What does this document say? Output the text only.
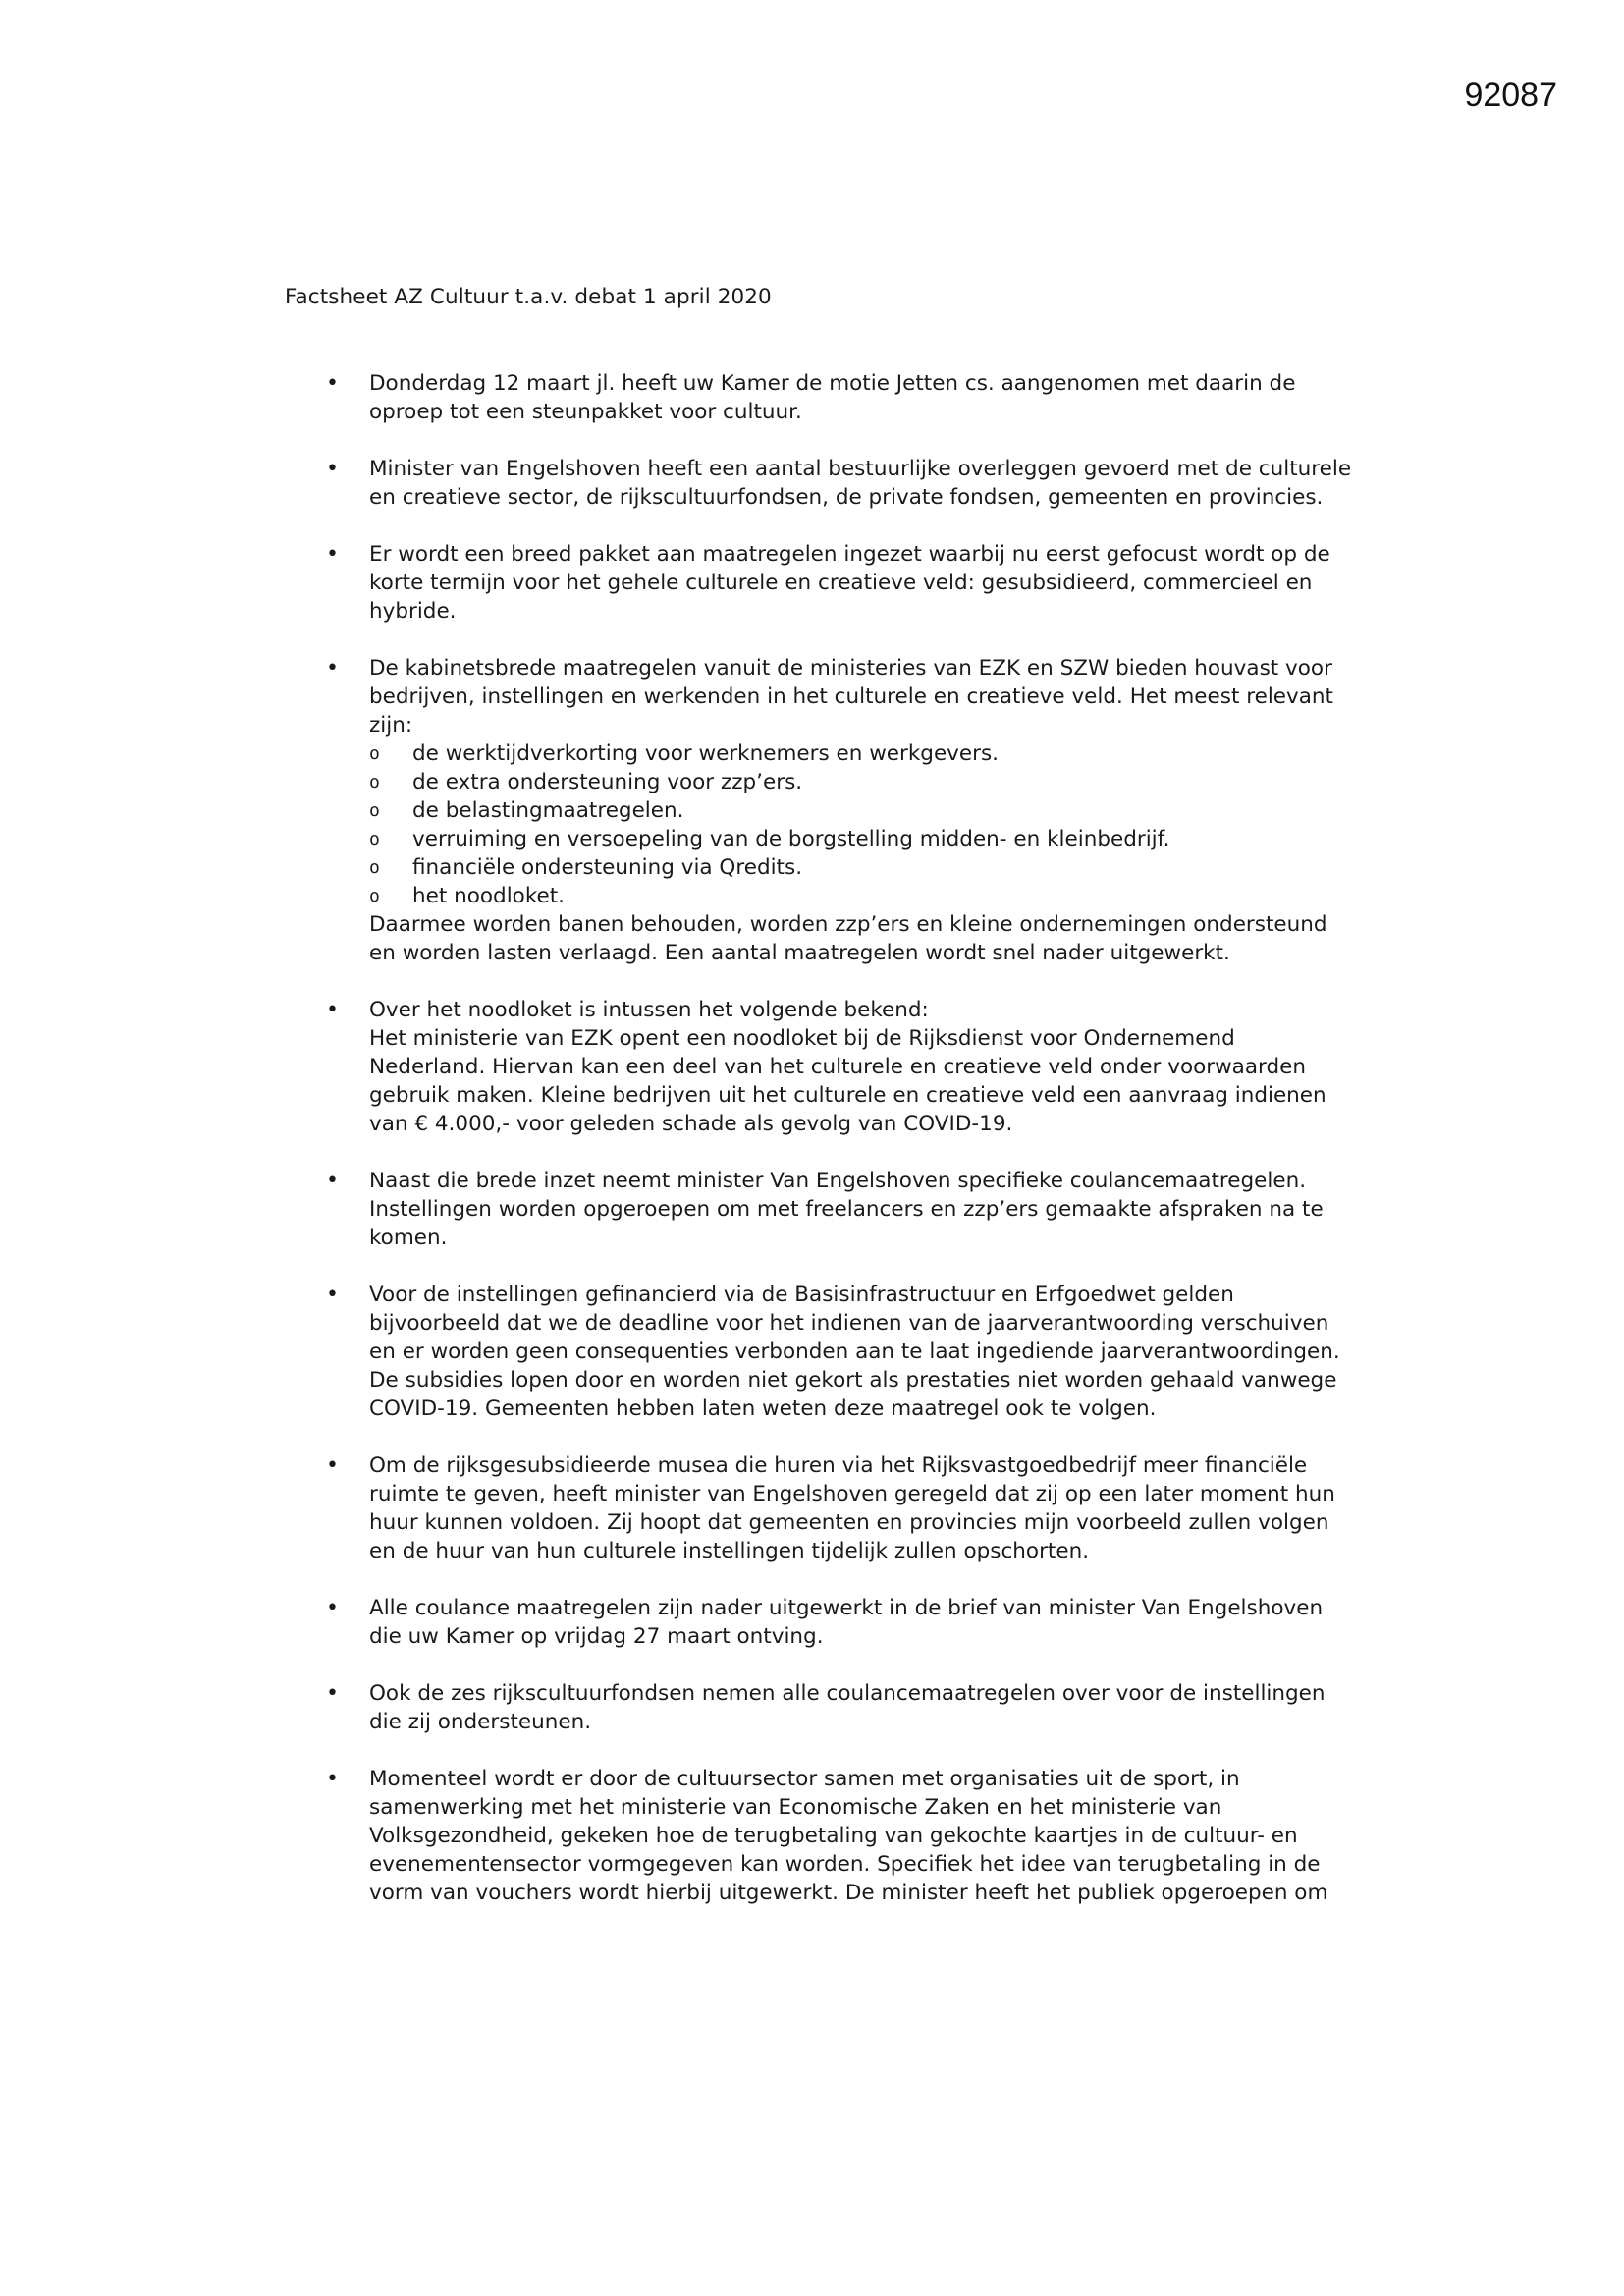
92087
Factsheet AZ Cultuur t.a.v. debat 1 april 2020

• Donderdag 12 maart jl. heeft uw Kamer de motie Jetten cs. aangenomen met daarin de oproep tot een steunpakket voor cultuur.

• Minister van Engelshoven heeft een aantal bestuurlijke overleggen gevoerd met de culturele en creatieve sector, de rijkscultuurfondsen, de private fondsen, gemeenten en provincies.

• Er wordt een breed pakket aan maatregelen ingezet waarbij nu eerst gefocust wordt op de korte termijn voor het gehele culturele en creatieve veld: gesubsidieerd, commercieel en hybride.

• De kabinetsbrede maatregelen vanuit de ministeries van EZK en SZW bieden houvast voor bedrijven, instellingen en werkenden in het culturele en creatieve veld. Het meest relevant zijn:

o de werktijdverkorting voor werknemers en werkgevers.
o de extra ondersteuning voor zzp’ers.
o de belastingmaatregelen.
o verruiming en versoepeling van de borgstelling midden- en kleinbedrijf.
o financiële ondersteuning via Qredits.
o het noodloket.

Daarmee worden banen behouden, worden zzp’ers en kleine ondernemingen ondersteund en worden lasten verlaagd. Een aantal maatregelen wordt snel nader uitgewerkt.

• Over het noodloket is intussen het volgende bekend:

Het ministerie van EZK opent een noodloket bij de Rijksdienst voor Ondernemend Nederland. Hiervan kan een deel van het culturele en creatieve veld onder voorwaarden gebruik maken. Kleine bedrijven uit het culturele en creatieve veld een aanvraag indienen van € 4.000,- voor geleden schade als gevolg van COVID-19.

• Naast die brede inzet neemt minister Van Engelshoven specifieke coulancemaatregelen. Instellingen worden opgeroepen om met freelancers en zzp’ers gemaakte afspraken na te komen.

• Voor de instellingen gefinancierd via de Basisinfrastructuur en Erfgoedwet gelden bijvoorbeeld dat we de deadline voor het indienen van de jaarverantwoording verschuiven en er worden geen consequenties verbonden aan te laat ingediende jaarverantwoordingen. De subsidies lopen door en worden niet gekort als prestaties niet worden gehaald vanwege COVID-19. Gemeenten hebben laten weten deze maatregel ook te volgen.

• Om de rijksgesubsidieerde musea die huren via het Rijksvastgoedbedrijf meer financiële ruimte te geven, heeft minister van Engelshoven geregeld dat zij op een later moment hun huur kunnen voldoen. Zij hoopt dat gemeenten en provincies mijn voorbeeld zullen volgen en de huur van hun culturele instellingen tijdelijk zullen opschorten.

• Alle coulance maatregelen zijn nader uitgewerkt in de brief van minister Van Engelshoven die uw Kamer op vrijdag 27 maart ontving.

• Ook de zes rijkscultuurfondsen nemen alle coulancemaatregelen over voor de instellingen die zij ondersteunen.

• Momenteel wordt er door de cultuursector samen met organisaties uit de sport, in samenwerking met het ministerie van Economische Zaken en het ministerie van Volksgezondheid, gekeken hoe de terugbetaling van gekochte kaartjes in de cultuur- en evenementensector vormgegeven kan worden. Specifiek het idee van terugbetaling in de vorm van vouchers wordt hierbij uitgewerkt. De minister heeft het publiek opgeroepen om
